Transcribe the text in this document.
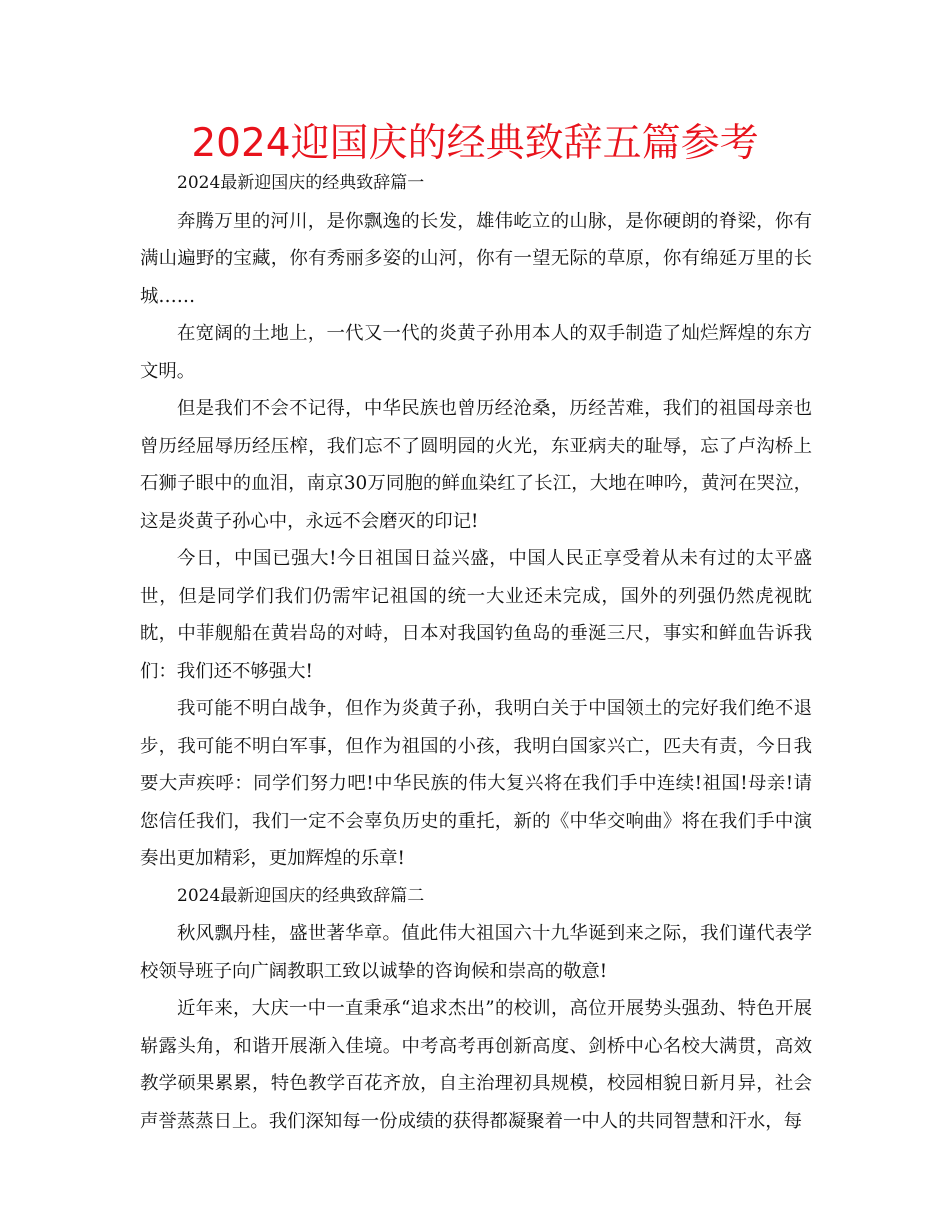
2024迎国庆的经典致辞五篇参考

2024最新迎国庆的经典致辞篇一

奔腾万里的河川，是你飘逸的长发，雄伟屹立的山脉，是你硬朗的脊梁，你有满山遍野的宝藏，你有秀丽多姿的山河，你有一望无际的草原，你有绵延万里的长城……

在宽阔的土地上，一代又一代的炎黄子孙用本人的双手制造了灿烂辉煌的东方文明。

但是我们不会不记得，中华民族也曾历经沧桑，历经苦难，我们的祖国母亲也曾历经屈辱历经压榨，我们忘不了圆明园的火光，东亚病夫的耻辱，忘了卢沟桥上石狮子眼中的血泪，南京30万同胞的鲜血染红了长江，大地在呻吟，黄河在哭泣，这是炎黄子孙心中，永远不会磨灭的印记!

今日，中国已强大!今日祖国日益兴盛，中国人民正享受着从未有过的太平盛世，但是同学们我们仍需牢记祖国的统一大业还未完成，国外的列强仍然虎视眈眈，中菲舰船在黄岩岛的对峙，日本对我国钓鱼岛的垂涎三尺，事实和鲜血告诉我们：我们还不够强大!

我可能不明白战争，但作为炎黄子孙，我明白关于中国领土的完好我们绝不退步，我可能不明白军事，但作为祖国的小孩，我明白国家兴亡，匹夫有责，今日我要大声疾呼：同学们努力吧!中华民族的伟大复兴将在我们手中连续!祖国!母亲!请您信任我们，我们一定不会辜负历史的重托，新的《中华交响曲》将在我们手中演奏出更加精彩，更加辉煌的乐章!

2024最新迎国庆的经典致辞篇二

秋风飘丹桂，盛世著华章。值此伟大祖国六十九华诞到来之际，我们谨代表学校领导班子向广阔教职工致以诚挚的咨询候和崇高的敬意!

近年来，大庆一中一直秉承“追求杰出”的校训，高位开展势头强劲、特色开展崭露头角，和谐开展渐入佳境。中考高考再创新高度、剑桥中心名校大满贯，高效教学硕果累累，特色教学百花齐放，自主治理初具规模，校园相貌日新月异，社会声誉蒸蒸日上。我们深知每一份成绩的获得都凝聚着一中人的共同智慧和汗水，每
